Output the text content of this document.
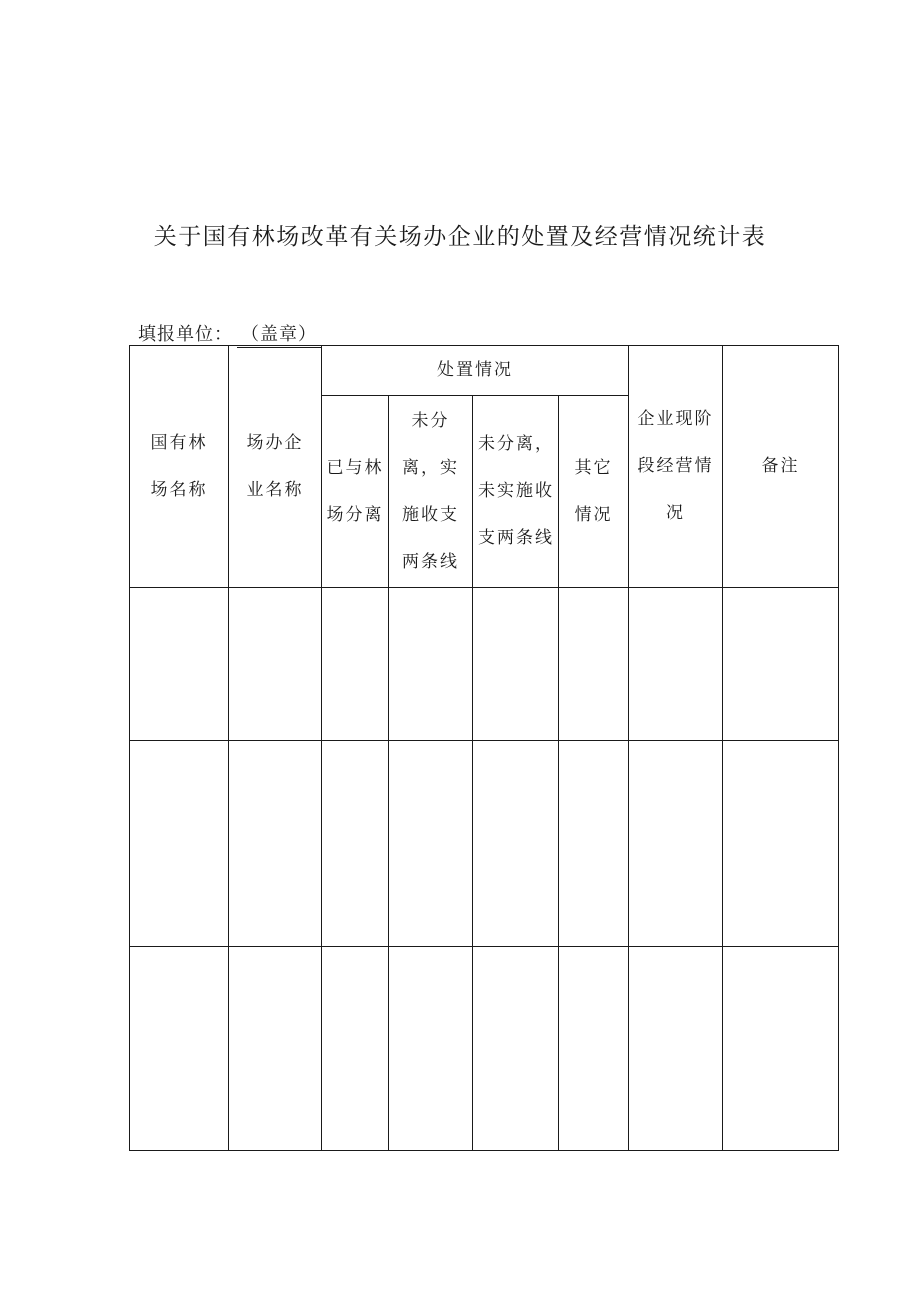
关于国有林场改革有关场办企业的处置及经营情况统计表
填报单位： （盖章）
国有林场名称	场办企业名称	处置情况				企业现阶段经营情况	备注
		已与林场分离	未分离，实施收支两条线	未分离，未实施收支两条线	其它情况		
